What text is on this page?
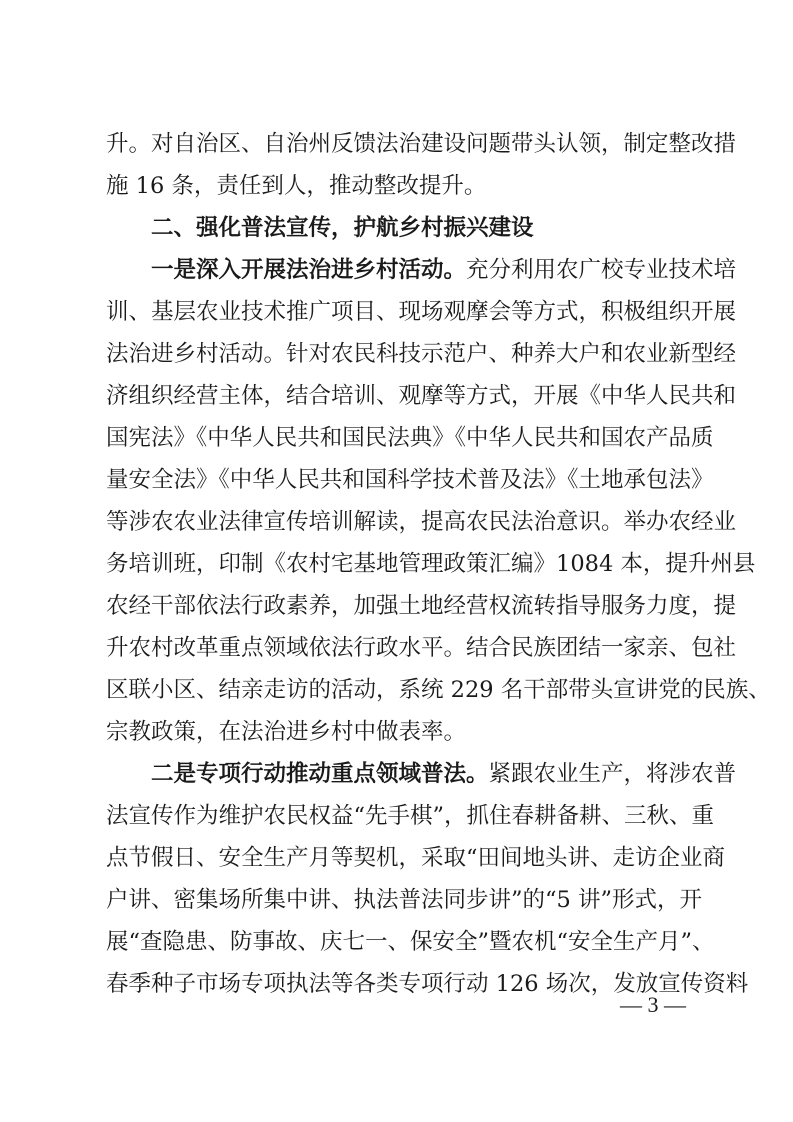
升。对自治区、自治州反馈法治建设问题带头认领，制定整改措
施 16 条，责任到人，推动整改提升。
二、强化普法宣传，护航乡村振兴建设
一是深入开展法治进乡村活动。充分利用农广校专业技术培
训、基层农业技术推广项目、现场观摩会等方式，积极组织开展
法治进乡村活动。针对农民科技示范户、种养大户和农业新型经
济组织经营主体，结合培训、观摩等方式，开展《中华人民共和
国宪法》《中华人民共和国民法典》《中华人民共和国农产品质
量安全法》《中华人民共和国科学技术普及法》《土地承包法》
等涉农农业法律宣传培训解读，提高农民法治意识。举办农经业
务培训班，印制《农村宅基地管理政策汇编》1084 本，提升州县
农经干部依法行政素养，加强土地经营权流转指导服务力度，提
升农村改革重点领域依法行政水平。结合民族团结一家亲、包社
区联小区、结亲走访的活动，系统 229 名干部带头宣讲党的民族、
宗教政策，在法治进乡村中做表率。
二是专项行动推动重点领域普法。紧跟农业生产，将涉农普
法宣传作为维护农民权益“先手棋”，抓住春耕备耕、三秋、重
点节假日、安全生产月等契机，采取“田间地头讲、走访企业商
户讲、密集场所集中讲、执法普法同步讲”的“5 讲”形式，开
展“查隐患、防事故、庆七一、保安全”暨农机“安全生产月”、
春季种子市场专项执法等各类专项行动 126 场次，发放宣传资料
— 3 —
